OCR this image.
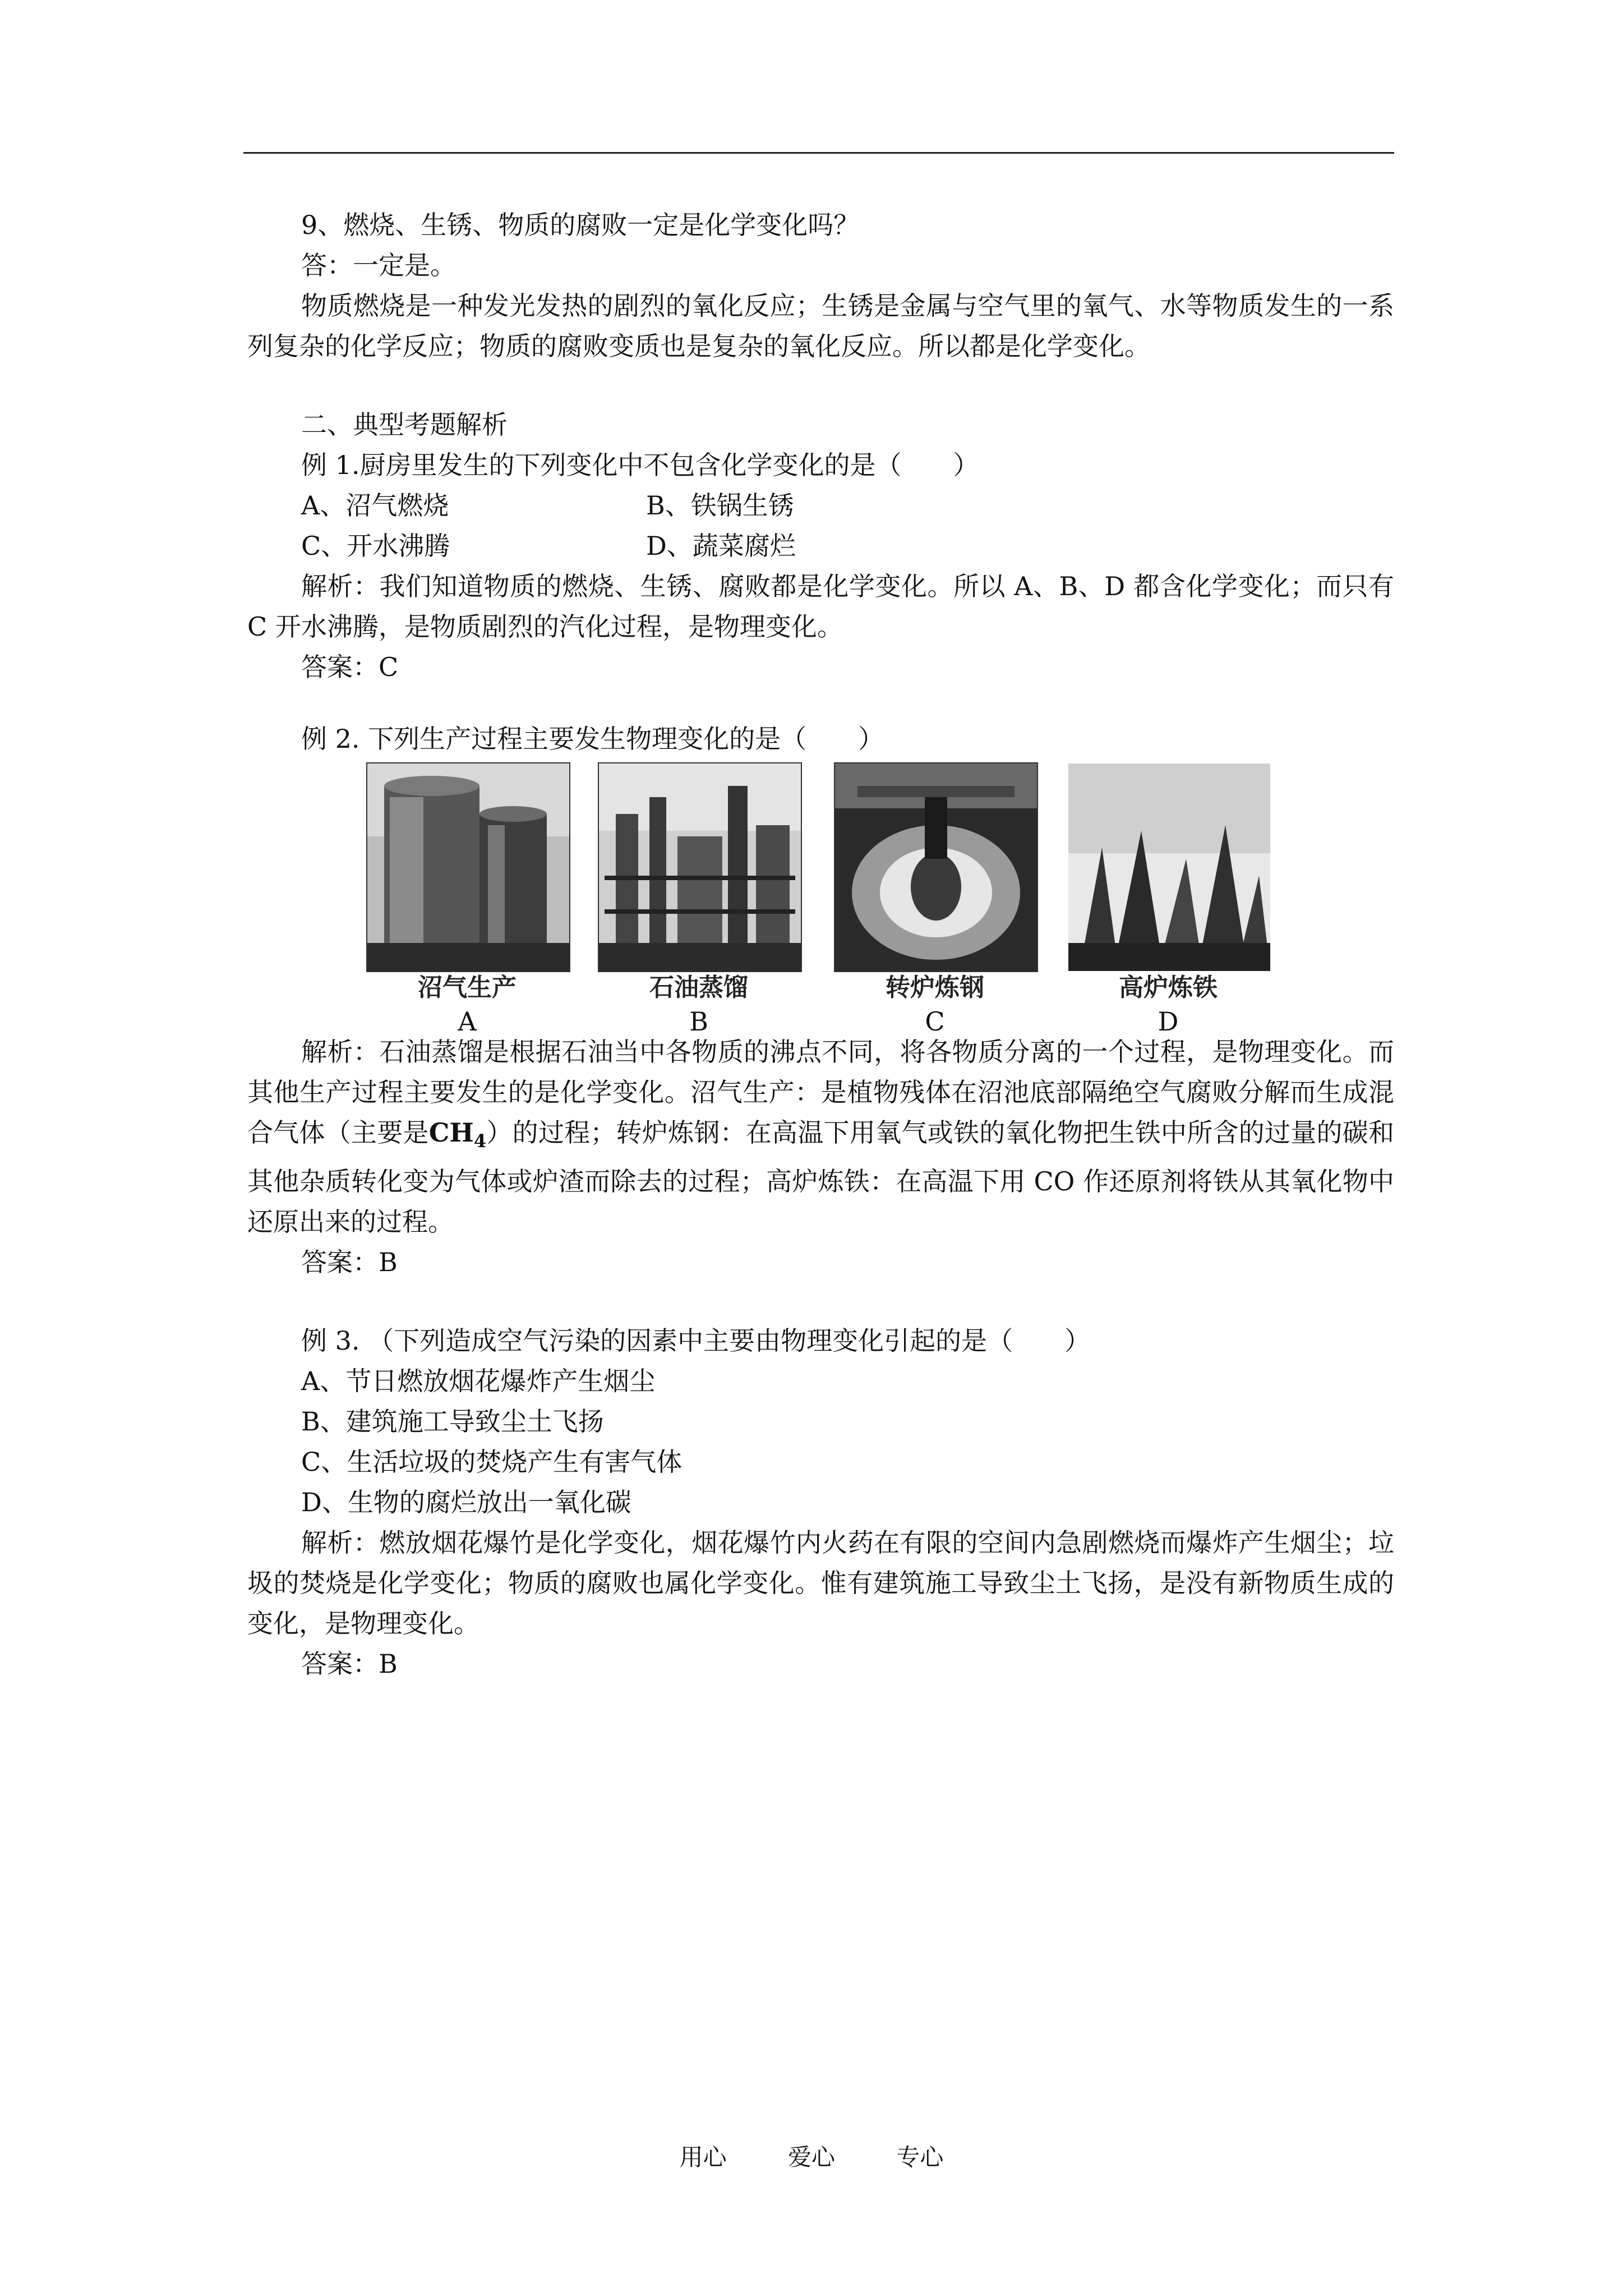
9、燃烧、生锈、物质的腐败一定是化学变化吗？

答：一定是。

物质燃烧是一种发光发热的剧烈的氧化反应；生锈是金属与空气里的氧气、水等物质发生的一系列复杂的化学反应；物质的腐败变质也是复杂的氧化反应。所以都是化学变化。

二、典型考题解析

例 1.厨房里发生的下列变化中不包含化学变化的是（　　）

A、沼气燃烧	B、铁锅生锈
C、开水沸腾	D、蔬菜腐烂

解析：我们知道物质的燃烧、生锈、腐败都是化学变化。所以 A、B、D 都含化学变化；而只有 C 开水沸腾，是物质剧烈的汽化过程，是物理变化。

答案：C

例 2. 下列生产过程主要发生物理变化的是（　　）

沼气生产
A
石油蒸馏
B
转炉炼钢
C
高炉炼铁
D

解析：石油蒸馏是根据石油当中各物质的沸点不同，将各物质分离的一个过程，是物理变化。而其他生产过程主要发生的是化学变化。沼气生产：是植物残体在沼池底部隔绝空气腐败分解而生成混合气体（主要是$CH_4$）的过程；转炉炼钢：在高温下用氧气或铁的氧化物把生铁中所含的过量的碳和其他杂质转化变为气体或炉渣而除去的过程；高炉炼铁：在高温下用 CO 作还原剂将铁从其氧化物中还原出来的过程。

答案：B

例 3. （下列造成空气污染的因素中主要由物理变化引起的是（　　）

A、节日燃放烟花爆炸产生烟尘

B、建筑施工导致尘土飞扬

C、生活垃圾的焚烧产生有害气体

D、生物的腐烂放出一氧化碳

解析：燃放烟花爆竹是化学变化，烟花爆竹内火药在有限的空间内急剧燃烧而爆炸产生烟尘；垃圾的焚烧是化学变化；物质的腐败也属化学变化。惟有建筑施工导致尘土飞扬，是没有新物质生成的变化，是物理变化。

答案：B

用心	爱心	专心
